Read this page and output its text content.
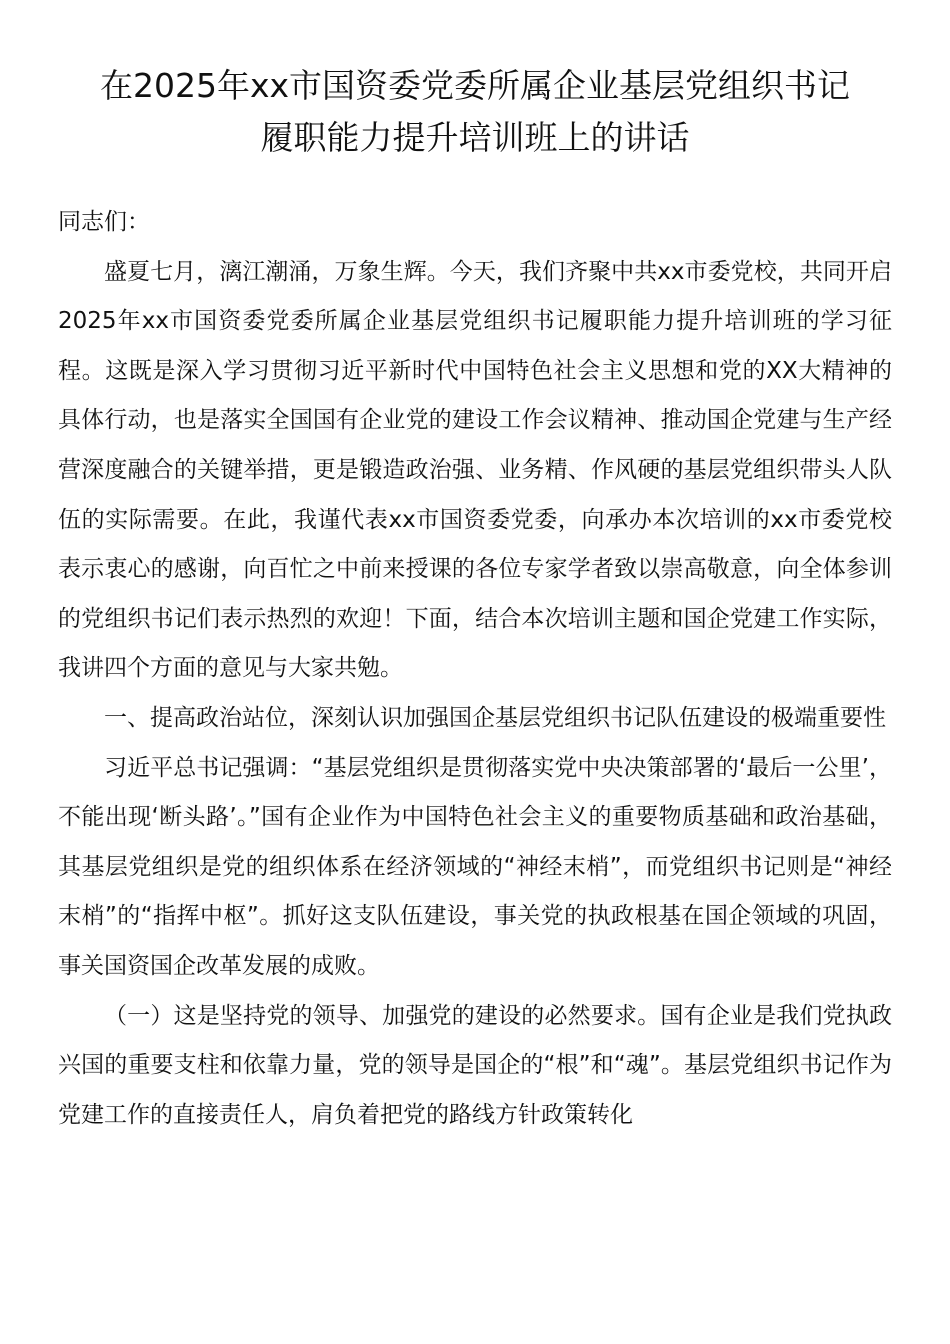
在2025年xx市国资委党委所属企业基层党组织书记
履职能力提升培训班上的讲话

同志们：

盛夏七月，漓江潮涌，万象生辉。今天，我们齐聚中共xx市委党校，共同开启2025年xx市国资委党委所属企业基层党组织书记履职能力提升培训班的学习征程。这既是深入学习贯彻习近平新时代中国特色社会主义思想和党的XX大精神的具体行动，也是落实全国国有企业党的建设工作会议精神、推动国企党建与生产经营深度融合的关键举措，更是锻造政治强、业务精、作风硬的基层党组织带头人队伍的实际需要。在此，我谨代表xx市国资委党委，向承办本次培训的xx市委党校表示衷心的感谢，向百忙之中前来授课的各位专家学者致以崇高敬意，向全体参训的党组织书记们表示热烈的欢迎！下面，结合本次培训主题和国企党建工作实际，我讲四个方面的意见与大家共勉。

一、提高政治站位，深刻认识加强国企基层党组织书记队伍建设的极端重要性

习近平总书记强调：“基层党组织是贯彻落实党中央决策部署的‘最后一公里’，不能出现‘断头路’。”国有企业作为中国特色社会主义的重要物质基础和政治基础，其基层党组织是党的组织体系在经济领域的“神经末梢”，而党组织书记则是“神经末梢”的“指挥中枢”。抓好这支队伍建设，事关党的执政根基在国企领域的巩固，事关国资国企改革发展的成败。

（一）这是坚持党的领导、加强党的建设的必然要求。国有企业是我们党执政兴国的重要支柱和依靠力量，党的领导是国企的“根”和“魂”。基层党组织书记作为党建工作的直接责任人，肩负着把党的路线方针政策转化
